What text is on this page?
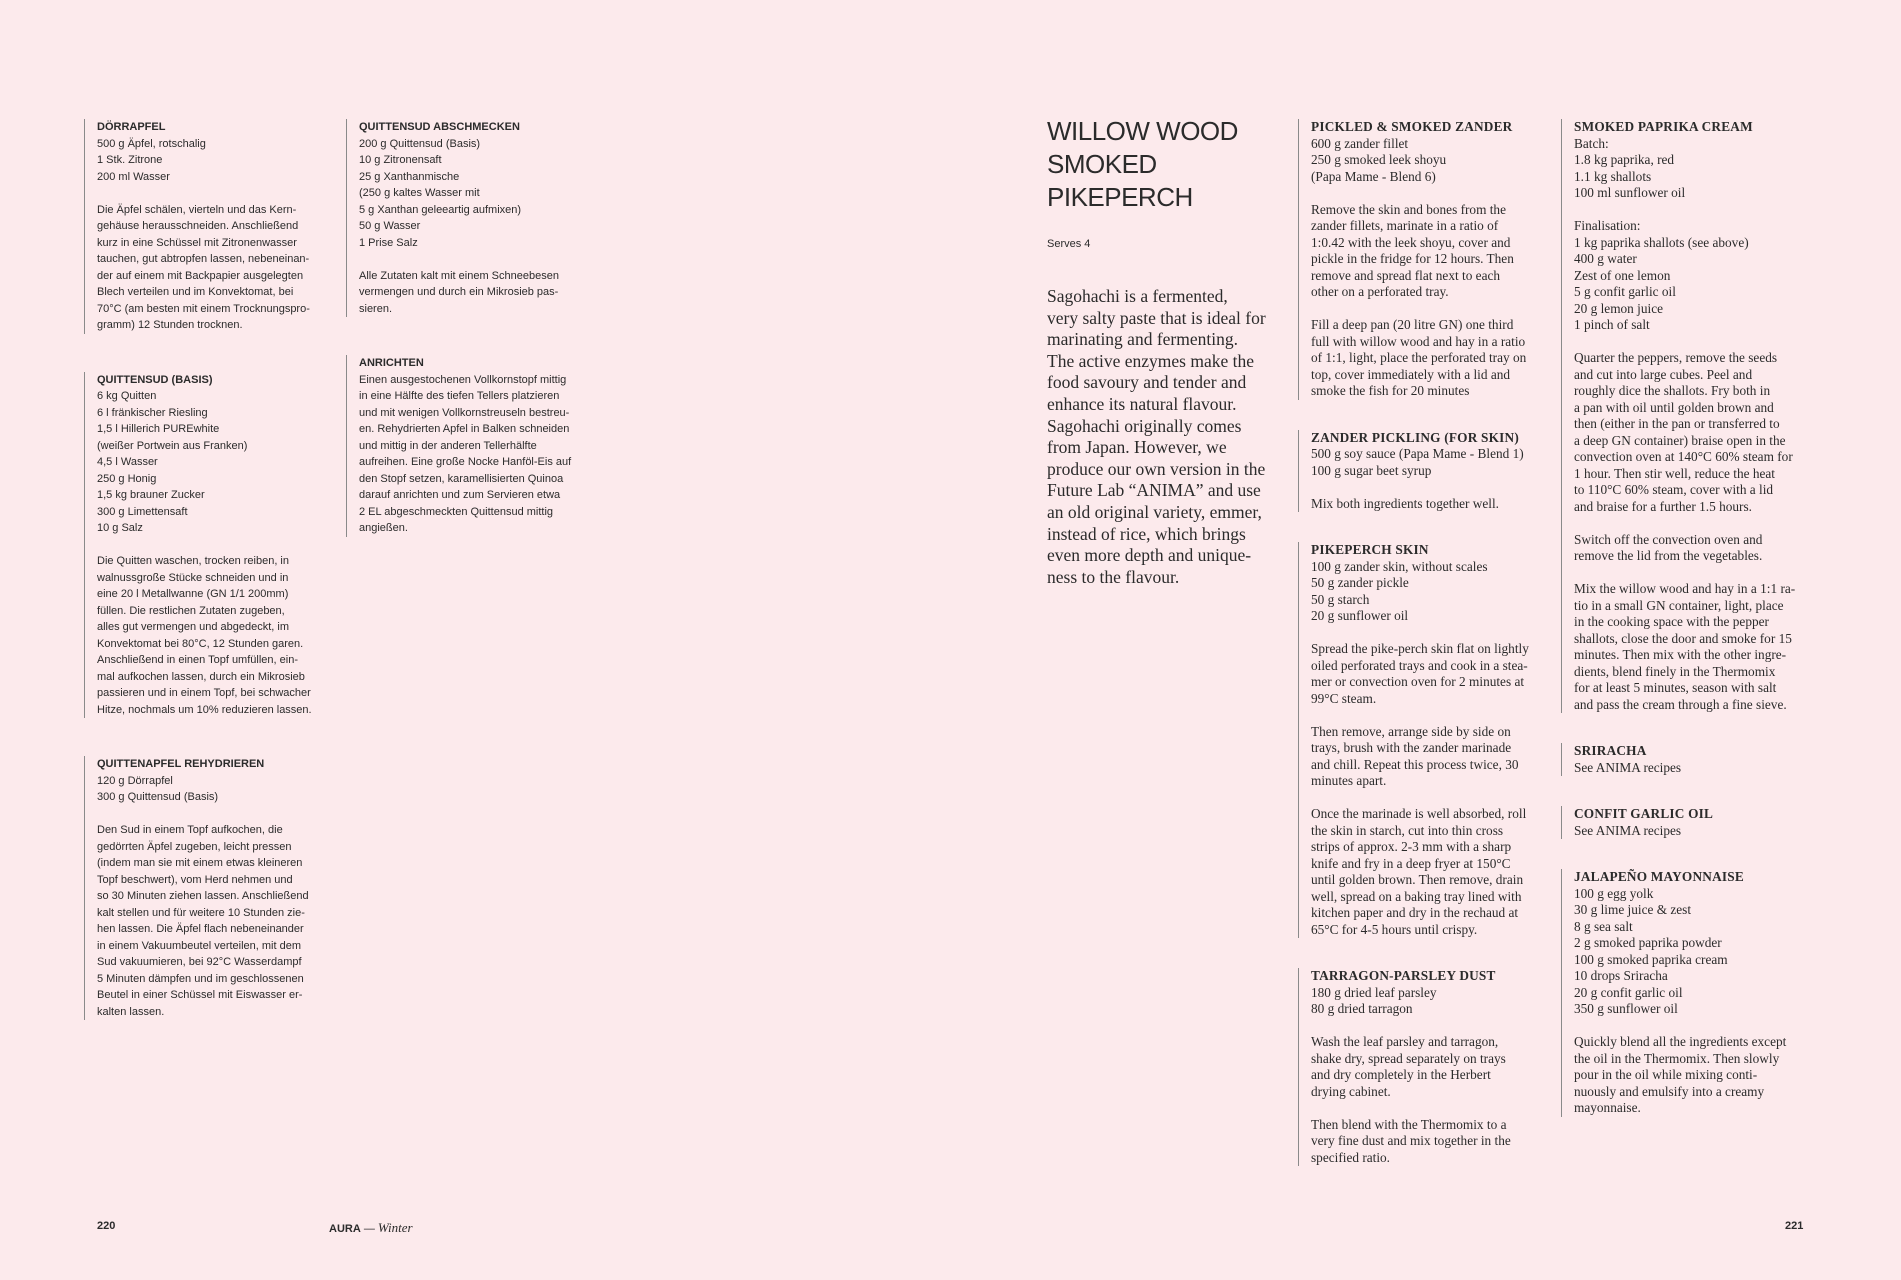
DÖRRAPFEL
500 g Äpfel, rotschalig
1 Stk. Zitrone
200 ml Wasser
Die Äpfel schälen, vierteln und das Kern-
gehäuse herausschneiden. Anschließend
kurz in eine Schüssel mit Zitronenwasser
tauchen, gut abtropfen lassen, nebeneinan-
der auf einem mit Backpapier ausgelegten
Blech verteilen und im Konvektomat, bei
70°C (am besten mit einem Trocknungspro-
gramm) 12 Stunden trocknen.
QUITTENSUD (BASIS)
6 kg Quitten
6 l fränkischer Riesling
1,5 l Hillerich PUREwhite
(weißer Portwein aus Franken)
4,5 l Wasser
250 g Honig
1,5 kg brauner Zucker
300 g Limettensaft
10 g Salz
Die Quitten waschen, trocken reiben, in
walnussgroße Stücke schneiden und in
eine 20 l Metallwanne (GN 1/1 200mm)
füllen. Die restlichen Zutaten zugeben,
alles gut vermengen und abgedeckt, im
Konvektomat bei 80°C, 12 Stunden garen.
Anschließend in einen Topf umfüllen, ein-
mal aufkochen lassen, durch ein Mikrosieb
passieren und in einem Topf, bei schwacher
Hitze, nochmals um 10% reduzieren lassen.
QUITTENAPFEL REHYDRIEREN
120 g Dörrapfel
300 g Quittensud (Basis)
Den Sud in einem Topf aufkochen, die
gedörrten Äpfel zugeben, leicht pressen
(indem man sie mit einem etwas kleineren
Topf beschwert), vom Herd nehmen und
so 30 Minuten ziehen lassen. Anschließend
kalt stellen und für weitere 10 Stunden zie-
hen lassen. Die Äpfel flach nebeneinander
in einem Vakuumbeutel verteilen, mit dem
Sud vakuumieren, bei 92°C Wasserdampf
5 Minuten dämpfen und im geschlossenen
Beutel in einer Schüssel mit Eiswasser er-
kalten lassen.
QUITTENSUD ABSCHMECKEN
200 g Quittensud (Basis)
10 g Zitronensaft
25 g Xanthanmische
(250 g kaltes Wasser mit
5 g Xanthan geleeartig aufmixen)
50 g Wasser
1 Prise Salz
Alle Zutaten kalt mit einem Schneebesen
vermengen und durch ein Mikrosieb pas-
sieren.
ANRICHTEN
Einen ausgestochenen Vollkornstopf mittig
in eine Hälfte des tiefen Tellers platzieren
und mit wenigen Vollkornstreuseln bestreu-
en. Rehydrierten Apfel in Balken schneiden
und mittig in der anderen Tellerhälfte
aufreihen. Eine große Nocke Hanföl-Eis auf
den Stopf setzen, karamellisierten Quinoa
darauf anrichten und zum Servieren etwa
2 EL abgeschmeckten Quittensud mittig
angießen.
WILLOW WOOD
SMOKED
PIKEPERCH
Serves 4
Sagohachi is a fermented,
very salty paste that is ideal for
marinating and fermenting.
The active enzymes make the
food savoury and tender and
enhance its natural flavour.
Sagohachi originally comes
from Japan. However, we
produce our own version in the
Future Lab “ANIMA” and use
an old original variety, emmer,
instead of rice, which brings
even more depth and unique-
ness to the flavour.
PICKLED & SMOKED ZANDER
600 g zander fillet
250 g smoked leek shoyu
(Papa Mame - Blend 6)
Remove the skin and bones from the
zander fillets, marinate in a ratio of
1:0.42 with the leek shoyu, cover and
pickle in the fridge for 12 hours. Then
remove and spread flat next to each
other on a perforated tray.
Fill a deep pan (20 litre GN) one third
full with willow wood and hay in a ratio
of 1:1, light, place the perforated tray on
top, cover immediately with a lid and
smoke the fish for 20 minutes
ZANDER PICKLING (FOR SKIN)
500 g soy sauce (Papa Mame - Blend 1)
100 g sugar beet syrup
Mix both ingredients together well.
PIKEPERCH SKIN
100 g zander skin, without scales
50 g zander pickle
50 g starch
20 g sunflower oil
Spread the pike-perch skin flat on lightly
oiled perforated trays and cook in a stea-
mer or convection oven for 2 minutes at
99°C steam.
Then remove, arrange side by side on
trays, brush with the zander marinade
and chill. Repeat this process twice, 30
minutes apart.
Once the marinade is well absorbed, roll
the skin in starch, cut into thin cross
strips of approx. 2-3 mm with a sharp
knife and fry in a deep fryer at 150°C
until golden brown. Then remove, drain
well, spread on a baking tray lined with
kitchen paper and dry in the rechaud at
65°C for 4-5 hours until crispy.
TARRAGON-PARSLEY DUST
180 g dried leaf parsley
80 g dried tarragon
Wash the leaf parsley and tarragon,
shake dry, spread separately on trays
and dry completely in the Herbert
drying cabinet.
Then blend with the Thermomix to a
very fine dust and mix together in the
specified ratio.
SMOKED PAPRIKA CREAM
Batch:
1.8 kg paprika, red
1.1 kg shallots
100 ml sunflower oil
Finalisation:
1 kg paprika shallots (see above)
400 g water
Zest of one lemon
5 g confit garlic oil
20 g lemon juice
1 pinch of salt
Quarter the peppers, remove the seeds
and cut into large cubes. Peel and
roughly dice the shallots. Fry both in
a pan with oil until golden brown and
then (either in the pan or transferred to
a deep GN container) braise open in the
convection oven at 140°C 60% steam for
1 hour. Then stir well, reduce the heat
to 110°C 60% steam, cover with a lid
and braise for a further 1.5 hours.
Switch off the convection oven and
remove the lid from the vegetables.
Mix the willow wood and hay in a 1:1 ra-
tio in a small GN container, light, place
in the cooking space with the pepper
shallots, close the door and smoke for 15
minutes. Then mix with the other ingre-
dients, blend finely in the Thermomix
for at least 5 minutes, season with salt
and pass the cream through a fine sieve.
SRIRACHA
See ANIMA recipes
CONFIT GARLIC OIL
See ANIMA recipes
JALAPEÑO MAYONNAISE
100 g egg yolk
30 g lime juice & zest
8 g sea salt
2 g smoked paprika powder
100 g smoked paprika cream
10 drops Sriracha
20 g confit garlic oil
350 g sunflower oil
Quickly blend all the ingredients except
the oil in the Thermomix. Then slowly
pour in the oil while mixing conti-
nuously and emulsify into a creamy
mayonnaise.
220	AURA — Winter	221
